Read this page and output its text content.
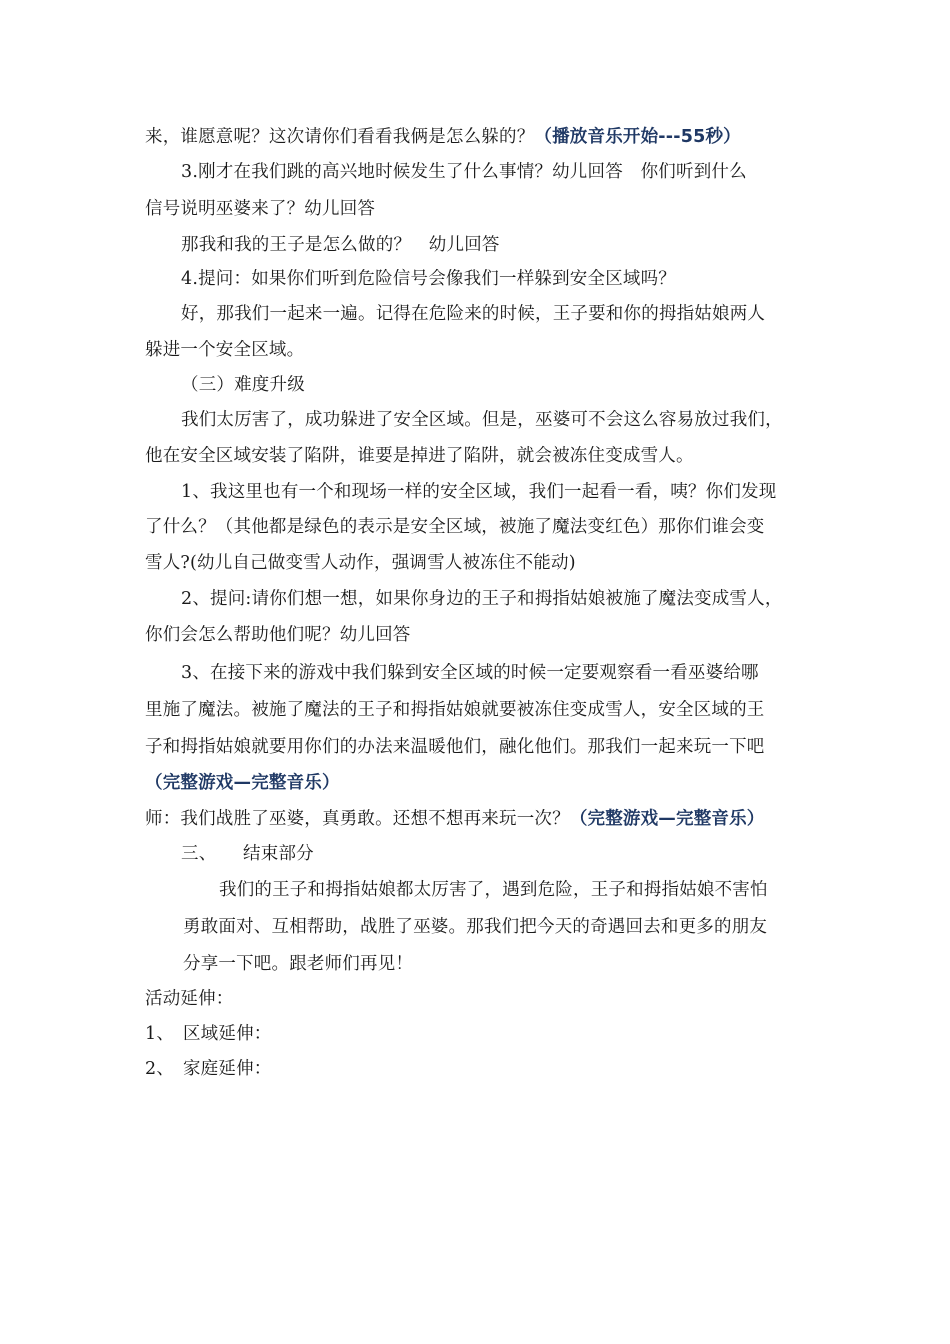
来，谁愿意呢？这次请你们看看我俩是怎么躲的？（播放音乐开始---55秒）
3.刚才在我们跳的高兴地时候发生了什么事情？幼儿回答　你们听到什么
信号说明巫婆来了？幼儿回答
那我和我的王子是怎么做的？　幼儿回答
4.提问：如果你们听到危险信号会像我们一样躲到安全区域吗？
好，那我们一起来一遍。记得在危险来的时候，王子要和你的拇指姑娘两人
躲进一个安全区域。
（三）难度升级
我们太厉害了，成功躲进了安全区域。但是，巫婆可不会这么容易放过我们，
他在安全区域安装了陷阱，谁要是掉进了陷阱，就会被冻住变成雪人。
1、我这里也有一个和现场一样的安全区域，我们一起看一看，咦？你们发现
了什么？（其他都是绿色的表示是安全区域，被施了魔法变红色）那你们谁会变
雪人?(幼儿自己做变雪人动作，强调雪人被冻住不能动)
2、提问:请你们想一想，如果你身边的王子和拇指姑娘被施了魔法变成雪人，
你们会怎么帮助他们呢？幼儿回答
3、在接下来的游戏中我们躲到安全区域的时候一定要观察看一看巫婆给哪
里施了魔法。被施了魔法的王子和拇指姑娘就要被冻住变成雪人，安全区域的王
子和拇指姑娘就要用你们的办法来温暖他们，融化他们。那我们一起来玩一下吧
（完整游戏—完整音乐）
师：我们战胜了巫婆，真勇敢。还想不想再来玩一次？（完整游戏—完整音乐）
三、　　结束部分
我们的王子和拇指姑娘都太厉害了，遇到危险，王子和拇指姑娘不害怕
勇敢面对、互相帮助，战胜了巫婆。那我们把今天的奇遇回去和更多的朋友
分享一下吧。跟老师们再见！
活动延伸：
1、　区域延伸：
2、　家庭延伸：
